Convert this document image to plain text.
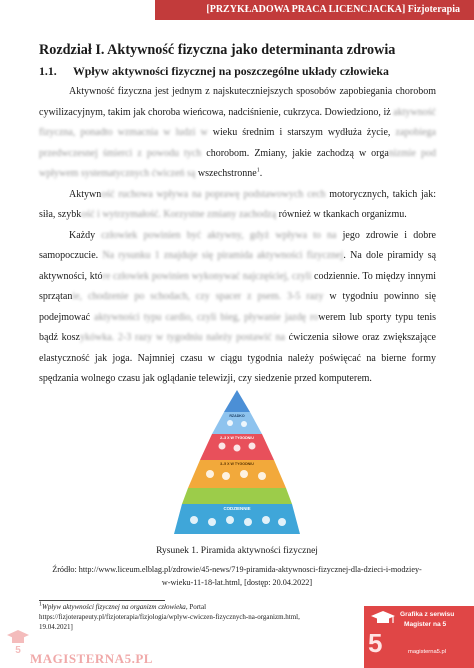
[PRZYKŁADOWA PRACA LICENCJACKA] Fizjoterapia
Rozdział I. Aktywność fizyczna jako determinanta zdrowia
1.1. Wpływ aktywności fizycznej na poszczególne układy człowieka

Aktywność fizyczna jest jednym z najskuteczniejszych sposobów zapobiegania chorobom cywilizacyjnym, takim jak choroba wieńcowa, nadciśnienie, cukrzyca. Dowiedziono, iż aktywność fizyczna, ponadto wzmacnia w ludzi w wieku średnim i starszym wydłuża życie, zapobiega przedwczesnej śmierci z powodu tych chorobom. Zmiany, jakie zachodzą w organizmie pod wpływem systematycznych ćwiczeń są wszechstronne$^1$.

Aktywność ruchowa wpływa na poprawę podstawowych cech motorycznych, takich jak: siła, szybkość i wytrzymałość. Korzystne zmiany zachodzą również w tkankach organizmu.

Każdy człowiek powinien być aktywny, gdyż wpływa to na jego zdrowie i dobre samopoczucie. Na rysunku 1 znajduje się piramida aktywności fizycznej. Na dole piramidy są aktywności, które człowiek powinien wykonywać najczęściej, czyli codziennie. To między innymi sprzątanie, chodzenie po schodach, czy spacer z psem. 3-5 razy w tygodniu powinno się podejmować aktywności typu cardio, czyli bieg, pływanie jazdę rowerem lub sporty typu tenis bądź koszykówka. 2-3 razy w tygodniu należy postawić na ćwiczenia siłowe oraz zwiększające elastyczność jak joga. Najmniej czasu w ciągu tygodnia należy poświęcać na bierne formy spędzania wolnego czasu jak oglądanie telewizji, czy siedzenie przed komputerem.

RZADKO
2–3 X W TYGODNIU
3–5 X W TYGODNIU
CODZIENNIE
Rysunek 1. Piramida aktywności fizycznej
Źródło: http://www.liceum.elblag.pl/zdrowie/45-news/719-piramida-aktywnosci-fizycznej-dla-dzieci-i-modziey-
w-wieku-11-18-lat.html, [dostęp: 20.04.2022]
$^1$Wpływ aktywności fizycznej na organizm człowieka, Portal
https://fizjoterapeuty.pl/fizjoterapia/fizjologia/wplyw-cwiczen-fizycznych-na-organizm.html,
19.04.2021]
5
Grafika z serwisu
Magister na 5
magisterna5.pl
5
MAGISTERNA5.PL
